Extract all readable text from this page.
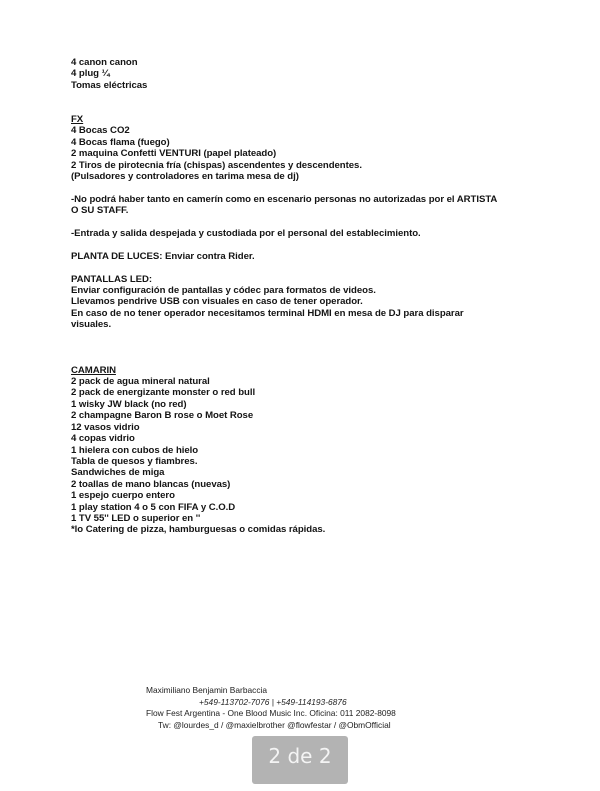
4 canon canon
4 plug ¼
Tomas eléctricas
FX
4 Bocas CO2
4 Bocas flama (fuego)
2 maquina Confetti VENTURI (papel plateado)
2 Tiros de pirotecnia fría (chispas) ascendentes y descendentes.
(Pulsadores y controladores en tarima mesa de dj)
-No podrá haber tanto en camerín como en escenario personas no autorizadas por el ARTISTA
O SU STAFF.
-Entrada y salida despejada y custodiada por el personal del establecimiento.
PLANTA DE LUCES: Enviar contra Rider.
PANTALLAS LED:
Enviar configuración de pantallas y códec para formatos de videos.
Llevamos pendrive USB con visuales en caso de tener operador.
En caso de no tener operador necesitamos terminal HDMI en mesa de DJ para disparar
visuales.
CAMARIN
2 pack de agua mineral natural
2 pack de energizante monster o red bull
1 wisky JW black (no red)
2 champagne Baron B rose o Moet Rose
12 vasos vidrio
4 copas vidrio
1 hielera con cubos de hielo
Tabla de quesos y fiambres.
Sandwiches de miga
2 toallas de mano blancas (nuevas)
1 espejo cuerpo entero
1 play station 4 o 5 con FIFA y C.O.D
1 TV 55'' LED o superior en ''
*lo Catering de pizza, hamburguesas o comidas rápidas.
Maximiliano Benjamin Barbaccia
+549-113702-7076 | +549-114193-6876
Flow Fest Argentina - One Blood Music Inc. Oficina: 011 2082-8098
Tw: @lourdes_d / @maxielbrother @flowfestar / @ObmOfficial
2 de 2
